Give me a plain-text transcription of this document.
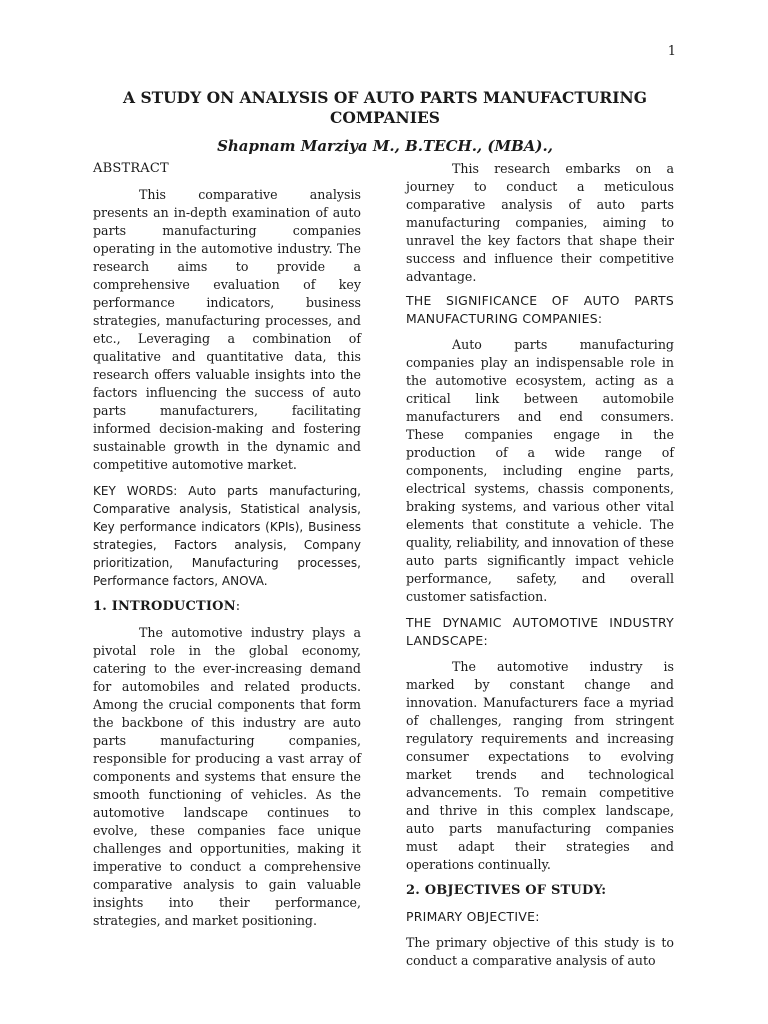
1
A STUDY ON ANALYSIS OF AUTO PARTS MANUFACTURING COMPANIES
Shapnam Marziya M., B.TECH., (MBA).,
ABSTRACT

This comparative analysis presents an in-depth examination of auto parts manufacturing companies operating in the automotive industry. The research aims to provide a comprehensive evaluation of key performance indicators, business strategies, manufacturing processes, and etc., Leveraging a combination of qualitative and quantitative data, this research offers valuable insights into the factors influencing the success of auto parts manufacturers, facilitating informed decision-making and fostering sustainable growth in the dynamic and competitive automotive market.

KEY WORDS: Auto parts manufacturing, Comparative analysis, Statistical analysis, Key performance indicators (KPIs), Business strategies, Factors analysis, Company prioritization, Manufacturing processes, Performance factors, ANOVA.

1. INTRODUCTION:

The automotive industry plays a pivotal role in the global economy, catering to the ever-increasing demand for automobiles and related products. Among the crucial components that form the backbone of this industry are auto parts manufacturing companies, responsible for producing a vast array of components and systems that ensure the smooth functioning of vehicles. As the automotive landscape continues to evolve, these companies face unique challenges and opportunities, making it imperative to conduct a comprehensive comparative analysis to gain valuable insights into their performance, strategies, and market positioning.

This research embarks on a journey to conduct a meticulous comparative analysis of auto parts manufacturing companies, aiming to unravel the key factors that shape their success and influence their competitive advantage.

THE SIGNIFICANCE OF AUTO PARTS MANUFACTURING COMPANIES:

Auto parts manufacturing companies play an indispensable role in the automotive ecosystem, acting as a critical link between automobile manufacturers and end consumers. These companies engage in the production of a wide range of components, including engine parts, electrical systems, chassis components, braking systems, and various other vital elements that constitute a vehicle. The quality, reliability, and innovation of these auto parts significantly impact vehicle performance, safety, and overall customer satisfaction.

THE DYNAMIC AUTOMOTIVE INDUSTRY LANDSCAPE:

The automotive industry is marked by constant change and innovation. Manufacturers face a myriad of challenges, ranging from stringent regulatory requirements and increasing consumer expectations to evolving market trends and technological advancements. To remain competitive and thrive in this complex landscape, auto parts manufacturing companies must adapt their strategies and operations continually.

2. OBJECTIVES OF STUDY:
PRIMARY OBJECTIVE:

The primary objective of this study is to conduct a comparative analysis of auto
